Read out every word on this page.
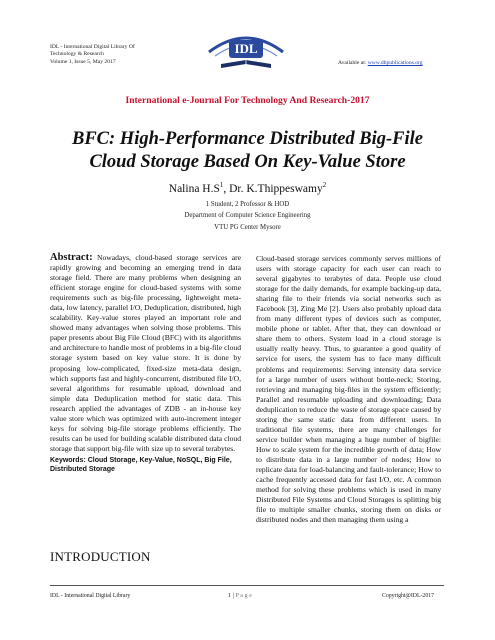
IDL - International Digital Library Of
Technology & Research
Volume 1, Issue 5, May 2017
IDL
Available at: www.dbpublications.org
International e-Journal For Technology And Research-2017
BFC: High-Performance Distributed Big-File
Cloud Storage Based On Key-Value Store
Nalina $H.S^1$, Dr. K.Thippeswamy$^2$
1 Student, 2 Professor & HOD
Department of Computer Science Engineering
VTU PG Center Mysore
Abstract: Nowadays, cloud-based storage services are rapidly growing and becoming an emerging trend in data storage field. There are many problems when designing an efficient storage engine for cloud-based systems with some requirements such as big-file processing, lightweight meta-data, low latency, parallel I/O, Deduplication, distributed, high scalability. Key-value stores played an important role and showed many advantages when solving those problems. This paper presents about Big File Cloud (BFC) with its algorithms and architecture to handle most of problems in a big-file cloud storage system based on key value store. It is done by proposing low-complicated, fixed-size meta-data design, which supports fast and highly-concurrent, distributed file I/O, several algorithms for resumable upload, download and simple data Deduplication method for static data. This research applied the advantages of ZDB - an in-house key value store which was optimized with auto-increment integer keys for solving big-file storage problems efficiently. The results can be used for building scalable distributed data cloud storage that support big-file with size up to several terabytes.
Keywords: Cloud Storage, Key-Value, NoSQL, Big File, Distributed Storage
INTRODUCTION
Cloud-based storage services commonly serves millions of users with storage capacity for each user can reach to several gigabytes to terabytes of data. People use cloud storage for the daily demands, for example backing-up data, sharing file to their friends via social networks such as Facebook [3], Zing Me [2]. Users also probably upload data from many different types of devices such as computer, mobile phone or tablet. After that, they can download or share them to others. System load in a cloud storage is usually really heavy. Thus, to guarantee a good quality of service for users, the system has to face many difficult problems and requirements: Serving intensity data service for a large number of users without bottle-neck; Storing, retrieving and managing big-files in the system efficiently; Parallel and resumable uploading and downloading; Data deduplication to reduce the waste of storage space caused by storing the same static data from different users. In traditional file systems, there are many challenges for service builder when managing a huge number of bigfile: How to scale system for the incredible growth of data; How to distribute data in a large number of nodes; How to replicate data for load-balancing and fault-tolerance; How to cache frequently accessed data for fast I/O, etc. A common method for solving these problems which is used in many Distributed File Systems and Cloud Storages is splitting big file to multiple smaller chunks, storing them on disks or distributed nodes and then managing them using a
IDL - International Digital Library	1 | P a g e	Copyright@IDL-2017
